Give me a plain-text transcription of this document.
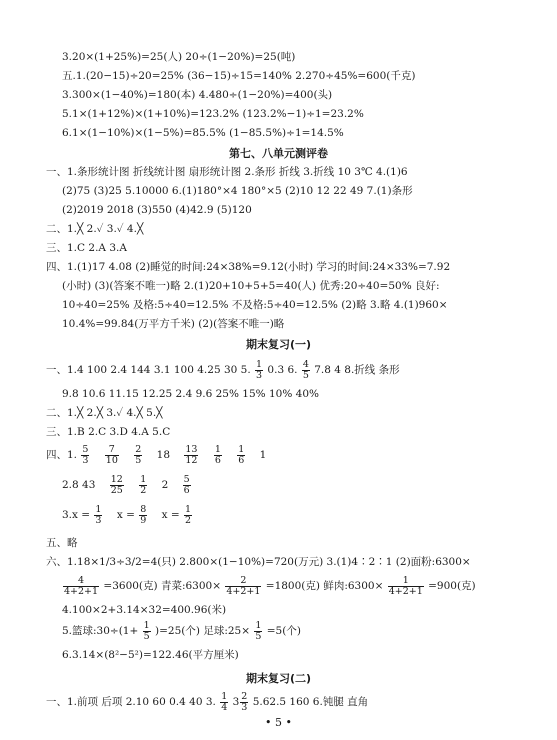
3.20×(1+25%)=25(人) 20÷(1−20%)=25(吨)
五.1.(20−15)÷20=25% (36−15)÷15=140% 2.270÷45%=600(千克)
3.300×(1−40%)=180(本) 4.480÷(1−20%)=400(头)
5.1×(1+12%)×(1+10%)=123.2% (123.2%−1)÷1=23.2%
6.1×(1−10%)×(1−5%)=85.5% (1−85.5%)÷1=14.5%
第七、八单元测评卷
一、1.条形统计图 折线统计图 扇形统计图 2.条形 折线 3.折线 10 3℃ 4.(1)6
(2)75 (3)25 5.10000 6.(1)180°×4 180°×5 (2)10 12 22 49 7.(1)条形
(2)2019 2018 (3)550 (4)42.9 (5)120
二、1.╳ 2.✓ 3.✓ 4.╳
三、1.C 2.A 3.A
四、1.(1)17 4.08 (2)睡觉的时间:24×38%=9.12(小时) 学习的时间:24×33%=7.92
(小时) (3)(答案不唯一)略 2.(1)20+10+5+5=40(人) 优秀:20÷40=50% 良好:
10÷40=25% 及格:5÷40=12.5% 不及格:5÷40=12.5% (2)略 3.略 4.(1)960×
10.4%=99.84(万平方千米) (2)(答案不唯一)略
期末复习(一)
一、1.4 100 2.4 144 3.1 100 4.25 30 5. $\frac{1}{3} 0.3$ 6. $\frac{4}{5} 7.8$ 4 8.折线 条形
9.8 10.6 11.15 12.25 2.4 9.6 25% 15% 10% 40%
二、1.╳ 2.╳ 3.✓ 4.╳ 5.╳
三、1.B 2.C 3.D 4.A 5.C
四、1. $\frac{5}{3}$
$\frac{7}{10}$
$\frac{2}{5} 18 \frac{13}{12}$
$\frac{1}{6}$
$\frac{1}{6} 1$
2.8 $43 \frac{12}{25}$
$\frac{1}{2} 2 \frac{5}{6}$
$3.x = \frac{1}{3}$ $x = \frac{8}{9}$ $x = \frac{1}{2}$
五、略
六、1.18×1/3÷3/2=4(只) 2.800×(1−10%)=720(万元) 3.(1)4∶2∶1 (2)面粉:6300×
$\frac{4}{4+2+1} =3600$(克) 青菜:6300× $\frac{2}{4+2+1} =1800$(克) 鲜肉:6300× $\frac{1}{4+2+1} =900$(克)
4.100×2+3.14×32=400.96(米)
5.篮球:30÷(1+ $\frac{1}{5} )=25$(个) 足球:25× $\frac{1}{5} =5$(个)
6.3.14×(8²−5²)=122.46(平方厘米)
期末复习(二)
一、1.前项 后项 2.10 60 0.4 40 3. $\frac{1}{4} 3 \frac{2}{3} 5.62.5$ 160 6.钝腿 直角
• 5 •
